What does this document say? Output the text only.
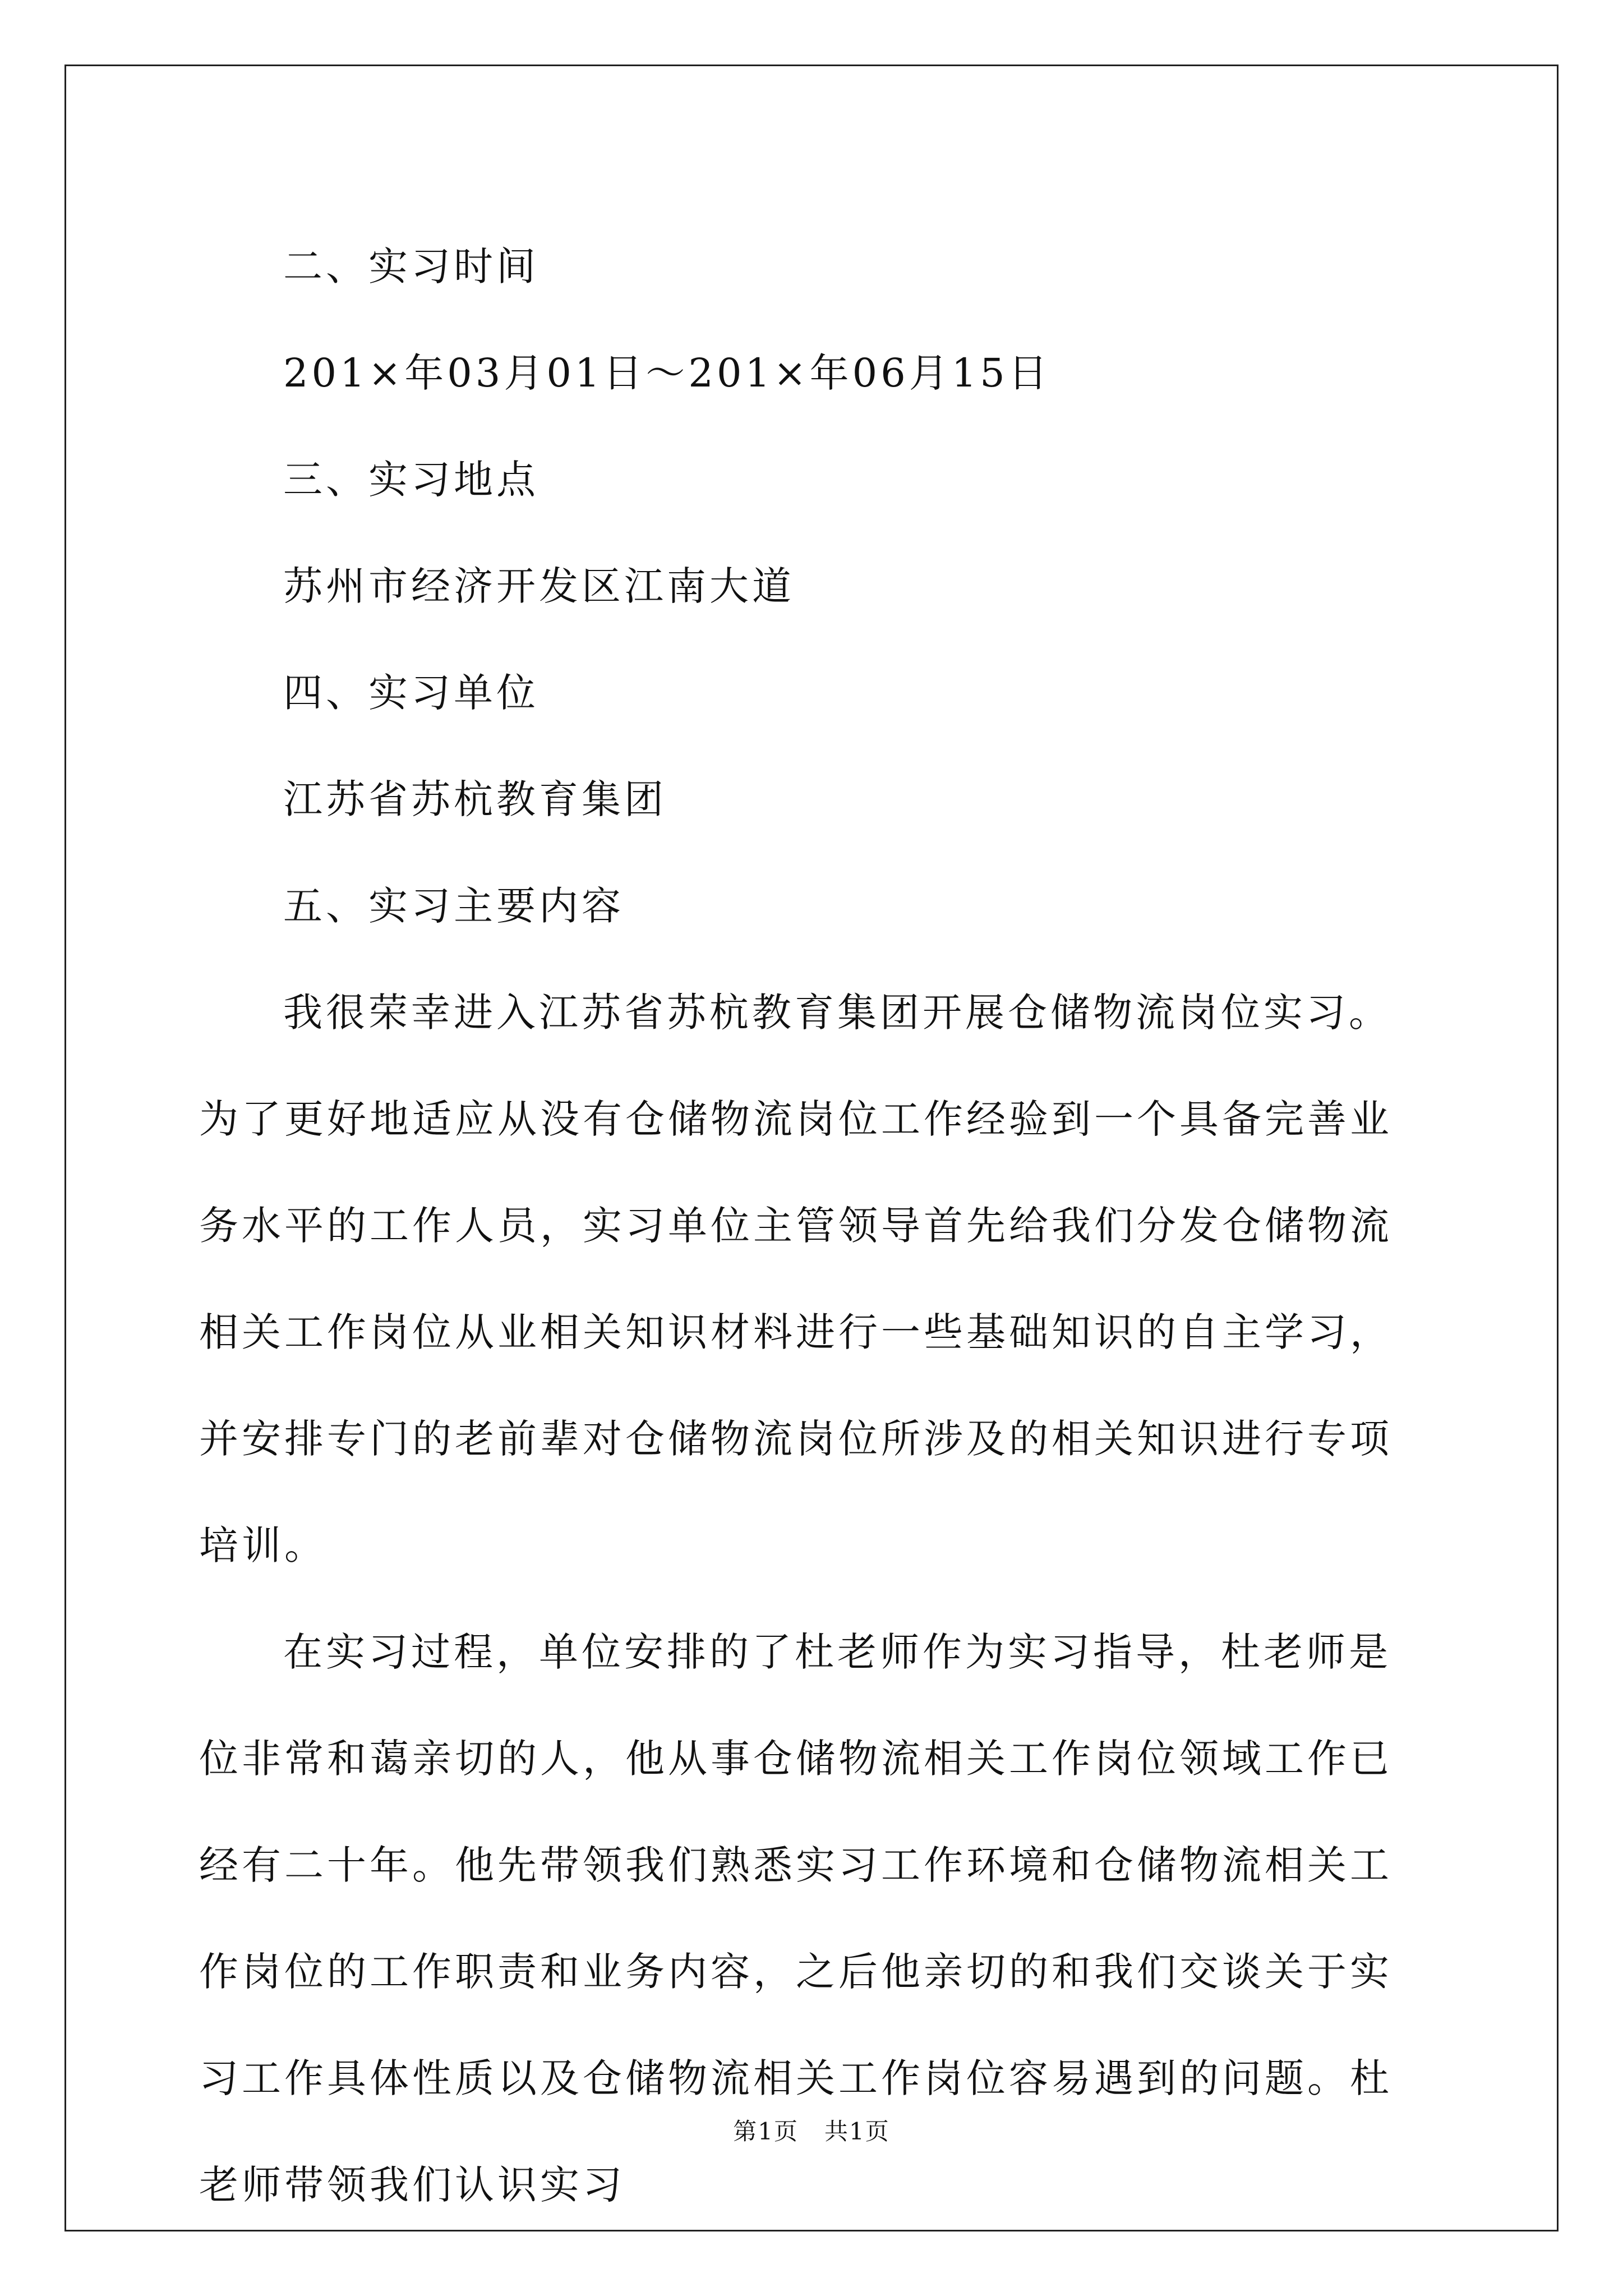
二、实习时间

201×年03月01日～201×年06月15日

三、实习地点

苏州市经济开发区江南大道

四、实习单位

江苏省苏杭教育集团

五、实习主要内容

我很荣幸进入江苏省苏杭教育集团开展仓储物流岗位实习。为了更好地适应从没有仓储物流岗位工作经验到一个具备完善业务水平的工作人员，实习单位主管领导首先给我们分发仓储物流相关工作岗位从业相关知识材料进行一些基础知识的自主学习，并安排专门的老前辈对仓储物流岗位所涉及的相关知识进行专项培训。

在实习过程，单位安排的了杜老师作为实习指导，杜老师是位非常和蔼亲切的人，他从事仓储物流相关工作岗位领域工作已经有二十年。他先带领我们熟悉实习工作环境和仓储物流相关工作岗位的工作职责和业务内容，之后他亲切的和我们交谈关于实习工作具体性质以及仓储物流相关工作岗位容易遇到的问题。杜老师带领我们认识实习

第1页 共1页
